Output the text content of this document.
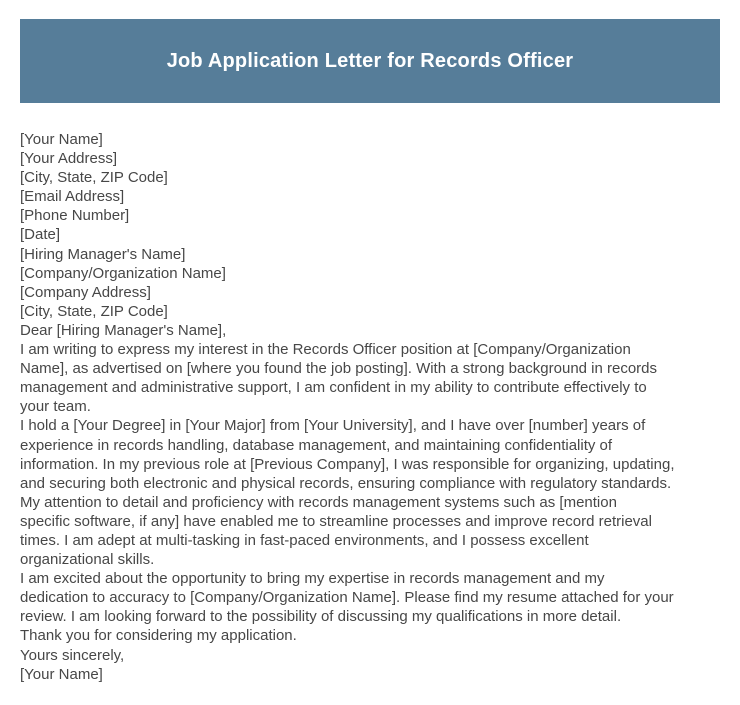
Job Application Letter for Records Officer
[Your Name]
[Your Address]
[City, State, ZIP Code]
[Email Address]
[Phone Number]
[Date]
[Hiring Manager's Name]
[Company/Organization Name]
[Company Address]
[City, State, ZIP Code]
Dear [Hiring Manager's Name],
I am writing to express my interest in the Records Officer position at [Company/Organization
Name], as advertised on [where you found the job posting]. With a strong background in records
management and administrative support, I am confident in my ability to contribute effectively to
your team.
I hold a [Your Degree] in [Your Major] from [Your University], and I have over [number] years of
experience in records handling, database management, and maintaining confidentiality of
information. In my previous role at [Previous Company], I was responsible for organizing, updating,
and securing both electronic and physical records, ensuring compliance with regulatory standards.
My attention to detail and proficiency with records management systems such as [mention
specific software, if any] have enabled me to streamline processes and improve record retrieval
times. I am adept at multi-tasking in fast-paced environments, and I possess excellent
organizational skills.
I am excited about the opportunity to bring my expertise in records management and my
dedication to accuracy to [Company/Organization Name]. Please find my resume attached for your
review. I am looking forward to the possibility of discussing my qualifications in more detail.
Thank you for considering my application.
Yours sincerely,
[Your Name]
